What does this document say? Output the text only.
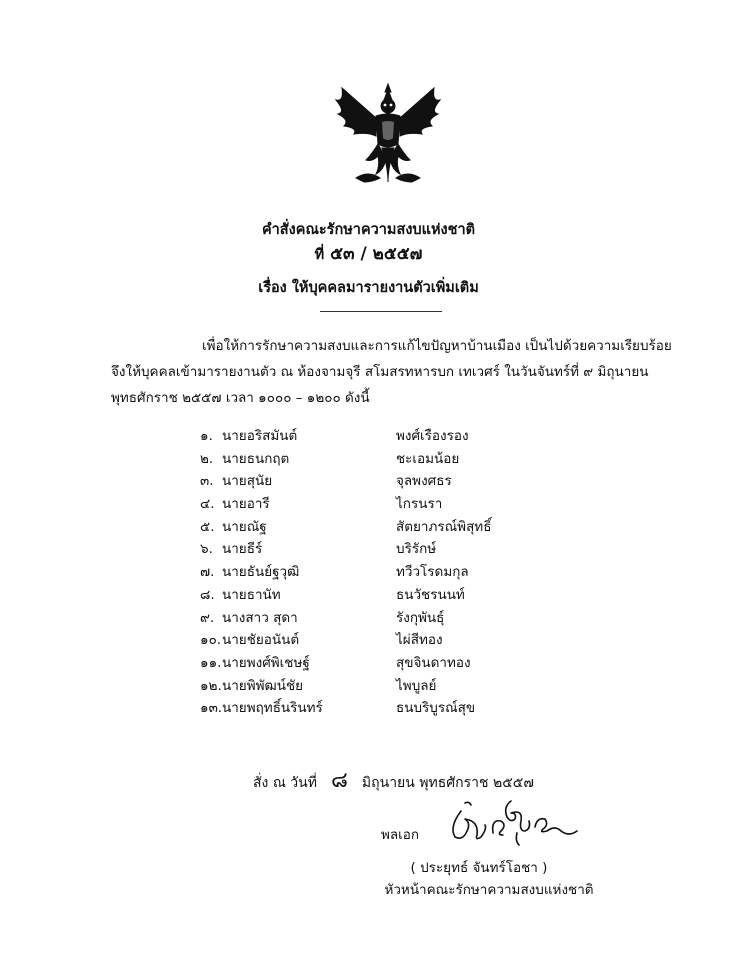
คำสั่งคณะรักษาความสงบแห่งชาติ
ที่ ๕๓ / ๒๕๕๗
เรื่อง ให้บุคคลมารายงานตัวเพิ่มเติม
เพื่อให้การรักษาความสงบและการแก้ไขปัญหาบ้านเมือง เป็นไปด้วยความเรียบร้อย
จึงให้บุคคลเข้ามารายงานตัว ณ ห้องจามจุรี สโมสรทหารบก เทเวศร์ ในวันจันทร์ที่ ๙ มิถุนายน
พุทธศักราช ๒๕๕๗ เวลา ๑๐๐๐ – ๑๒๐๐ ดังนี้
๑. นายอริสมันต์	พงศ์เรืองรอง
๒. นายธนกฤต	ชะเอมน้อย
๓. นายสุนัย	จุลพงศธร
๔. นายอารี	ไกรนรา
๕. นายณัฐ	สัตยาภรณ์พิสุทธิ์
๖. นายธีร์	บริรักษ์
๗. นายธันย์ฐวุฒิ	ทวีวโรดมกุล
๘. นายธานัท	ธนวัชรนนท์
๙. นางสาว สุดา	รังกุพันธุ์
๑๐. นายชัยอนันต์	ไผ่สีทอง
๑๑. นายพงศ์พิเชษฐ์	สุขจินดาทอง
๑๒. นายพิพัฒน์ชัย	ไพบูลย์
๑๓. นายพฤทธิ์นรินทร์	ธนบริบูรณ์สุข
สั่ง ณ วันที่ ๘ มิถุนายน พุทธศักราช ๒๕๕๗
พลเอก
( ประยุทธ์ จันทร์โอชา )
หัวหน้าคณะรักษาความสงบแห่งชาติ
